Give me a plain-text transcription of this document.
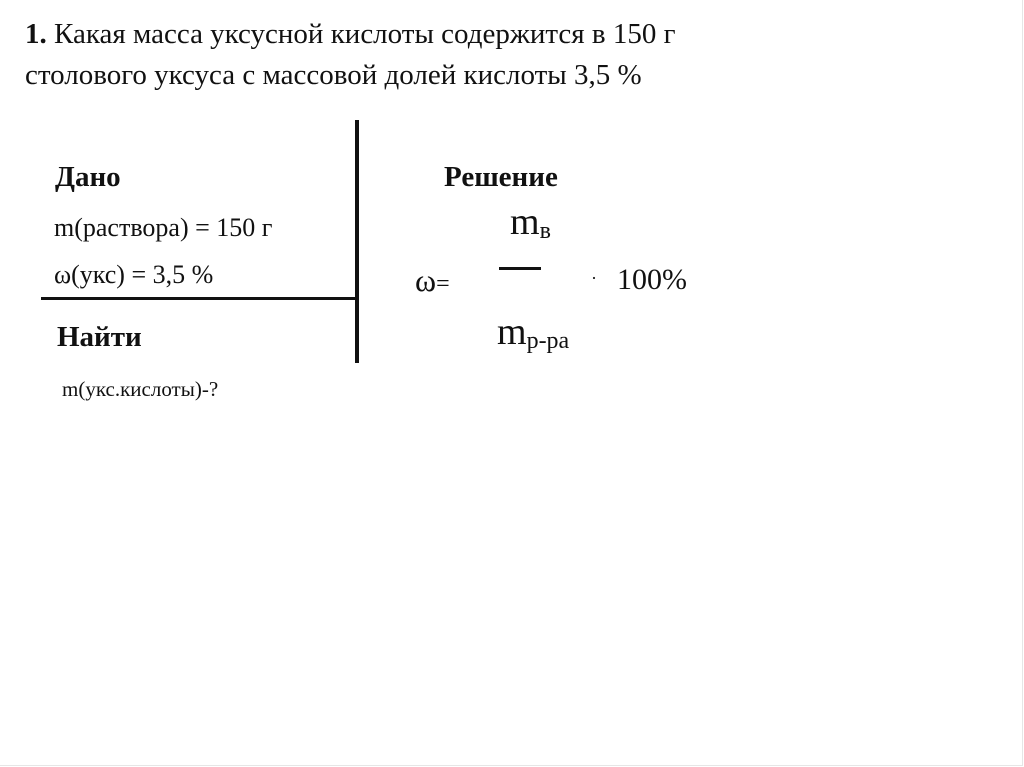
1. Какая масса уксусной кислоты содержится в 150 г
столового уксуса с массовой долей кислоты 3,5 %
Дано
m(раствора) = 150 г
ω(укс) = 3,5 %
Найти
m(укс.кислоты)-?
Решение
ω=
$m_в$
$m_{р-ра}$
· 100%
